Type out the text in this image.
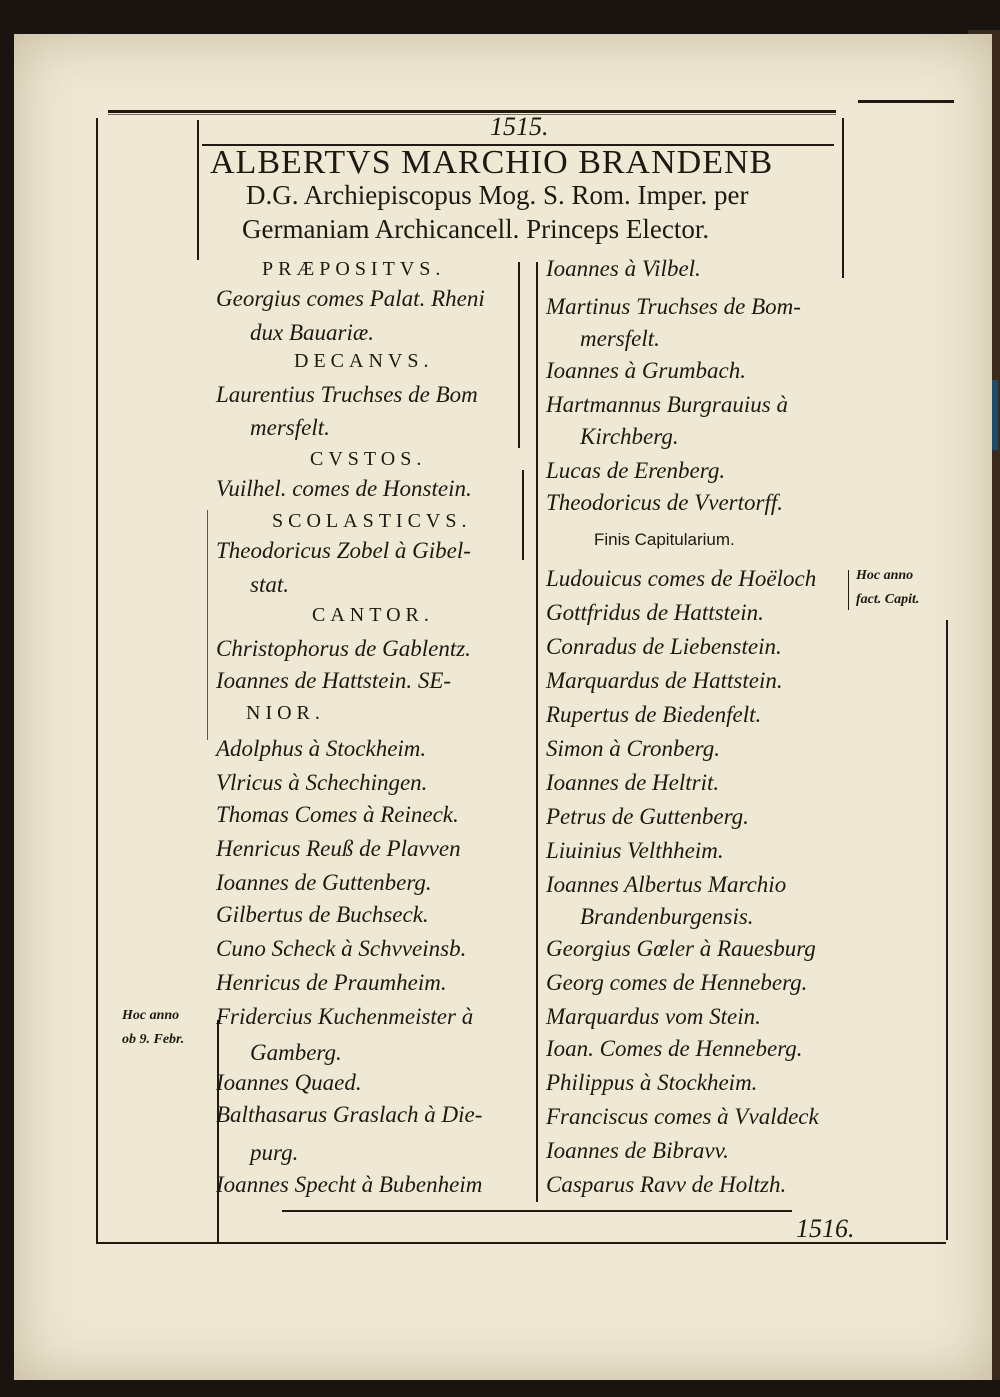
1515.
ALBERTVS MARCHIO BRANDENB
D.G. Archiepiscopus Mog. S. Rom. Imper. per
Germaniam Archicancell. Princeps Elector.
1516.
Hoc anno
fact. Capit.
Hoc anno
ob 9. Febr.
PRÆPOSITVS.
Georgius comes Palat. Rheni
dux Bauariæ.
DECANVS.
Laurentius Truchses de Bom
mersfelt.
CVSTOS.
Vuilhel. comes de Honstein.
SCOLASTICVS.
Theodoricus Zobel à Gibel-
stat.
CANTOR.
Christophorus de Gablentz.
Ioannes de Hattstein. SE-
NIOR.
Adolphus à Stockheim.
Vlricus à Schechingen.
Thomas Comes à Reineck.
Henricus Reuß de Plavven
Ioannes de Guttenberg.
Gilbertus de Buchseck.
Cuno Scheck à Schvveinsb.
Henricus de Praumheim.
Fridercius Kuchenmeister à
Gamberg.
Ioannes Quaed.
Balthasarus Graslach à Die-
purg.
Ioannes Specht à Bubenheim
Ioannes à Vilbel.
Martinus Truchses de Bom-
mersfelt.
Ioannes à Grumbach.
Hartmannus Burgrauius à
Kirchberg.
Lucas de Erenberg.
Theodoricus de Vvertorff.
Finis Capitularium.
Ludouicus comes de Hoëloch
Gottfridus de Hattstein.
Conradus de Liebenstein.
Marquardus de Hattstein.
Rupertus de Biedenfelt.
Simon à Cronberg.
Ioannes de Heltrit.
Petrus de Guttenberg.
Liuinius Velthheim.
Ioannes Albertus Marchio
Brandenburgensis.
Georgius Gœler à Rauesburg
Georg comes de Henneberg.
Marquardus vom Stein.
Ioan. Comes de Henneberg.
Philippus à Stockheim.
Franciscus comes à Vvaldeck
Ioannes de Bibravv.
Casparus Ravv de Holtzh.
